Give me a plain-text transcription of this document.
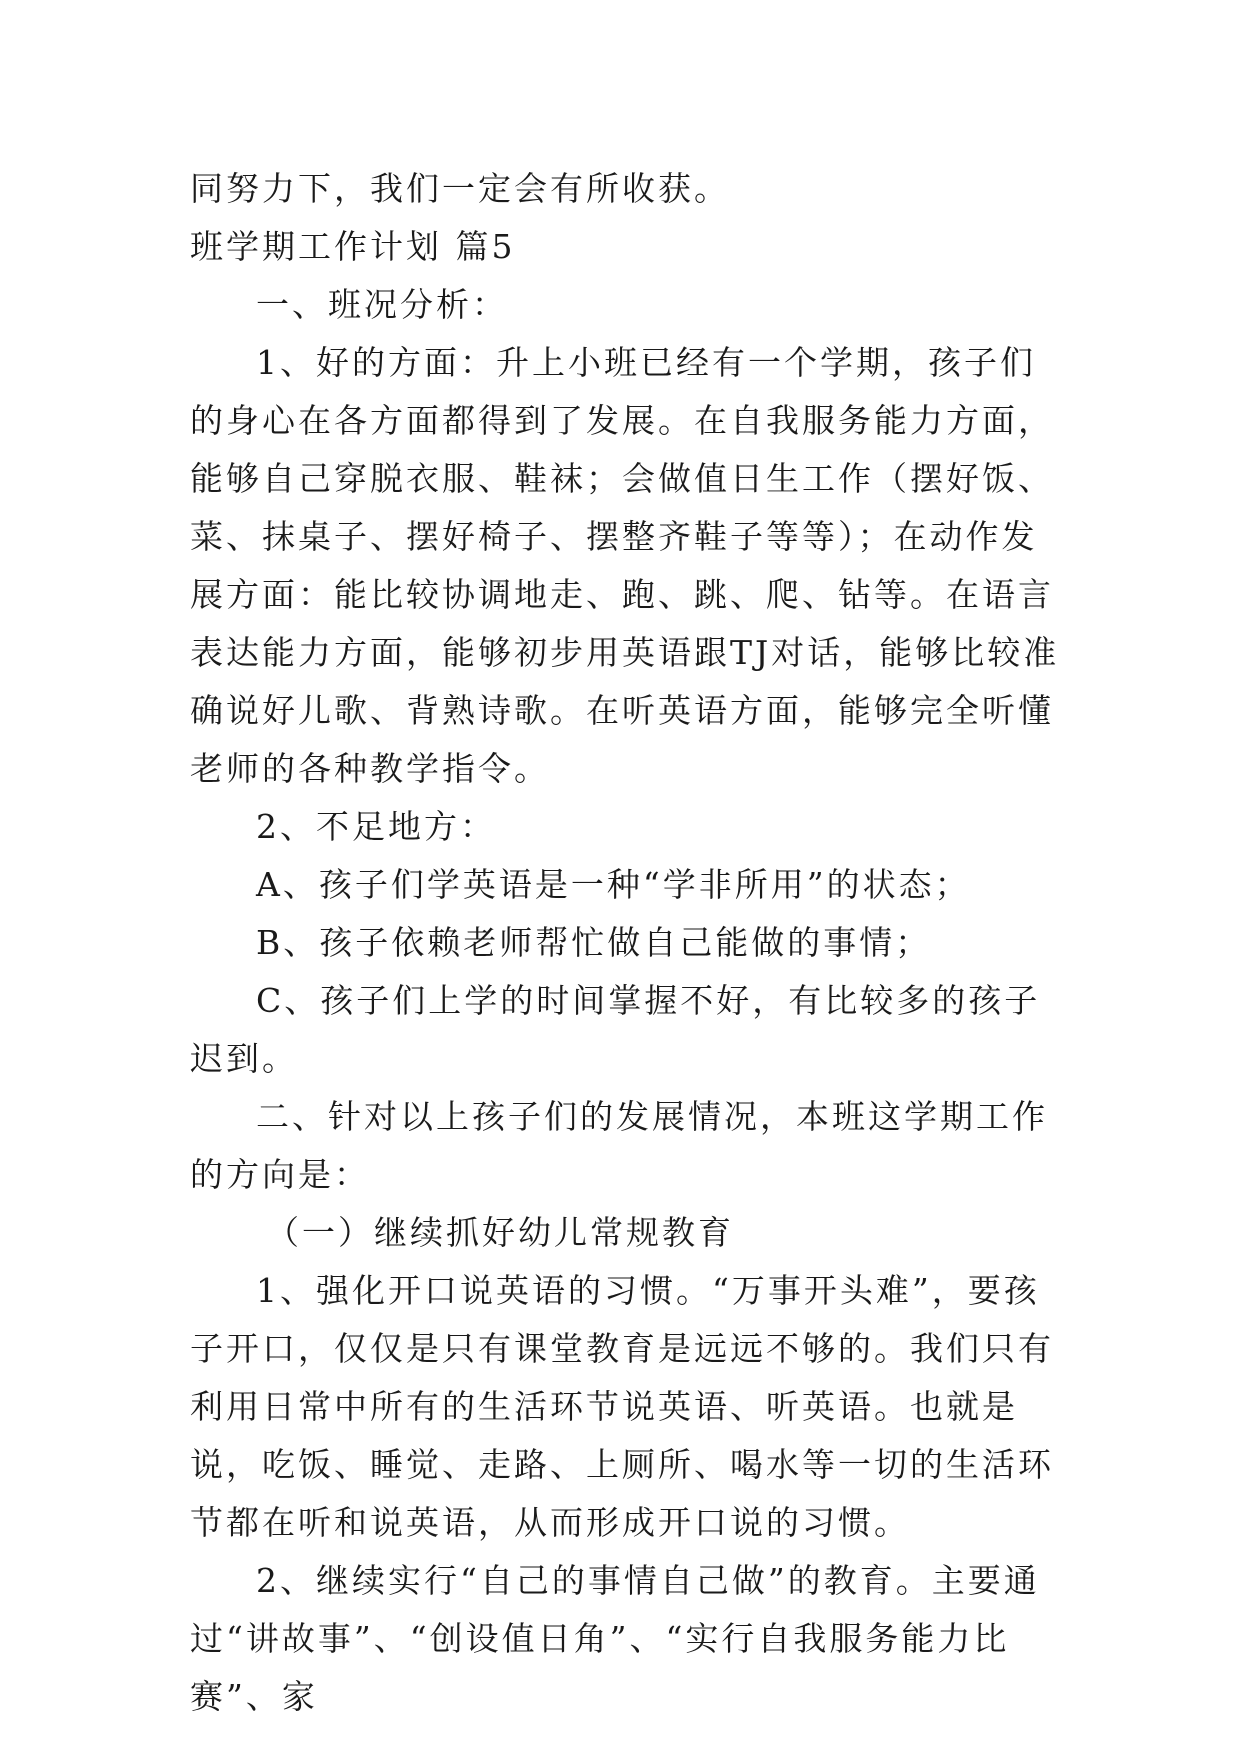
同努力下，我们一定会有所收获。

班学期工作计划 篇5

一、班况分析：

1、好的方面：升上小班已经有一个学期，孩子们的身心在各方面都得到了发展。在自我服务能力方面，能够自己穿脱衣服、鞋袜；会做值日生工作（摆好饭、菜、抹桌子、摆好椅子、摆整齐鞋子等等）；在动作发展方面：能比较协调地走、跑、跳、爬、钻等。在语言表达能力方面，能够初步用英语跟TJ对话，能够比较准确说好儿歌、背熟诗歌。在听英语方面，能够完全听懂老师的各种教学指令。

2、不足地方：

A、孩子们学英语是一种“学非所用”的状态；

B、孩子依赖老师帮忙做自己能做的事情；

C、孩子们上学的时间掌握不好，有比较多的孩子迟到。

二、针对以上孩子们的发展情况，本班这学期工作的方向是：

（一）继续抓好幼儿常规教育

1、强化开口说英语的习惯。“万事开头难”，要孩子开口，仅仅是只有课堂教育是远远不够的。我们只有利用日常中所有的生活环节说英语、听英语。也就是说，吃饭、睡觉、走路、上厕所、喝水等一切的生活环节都在听和说英语，从而形成开口说的习惯。

2、继续实行“自己的事情自己做”的教育。主要通过“讲故事”、“创设值日角”、“实行自我服务能力比赛”、家
